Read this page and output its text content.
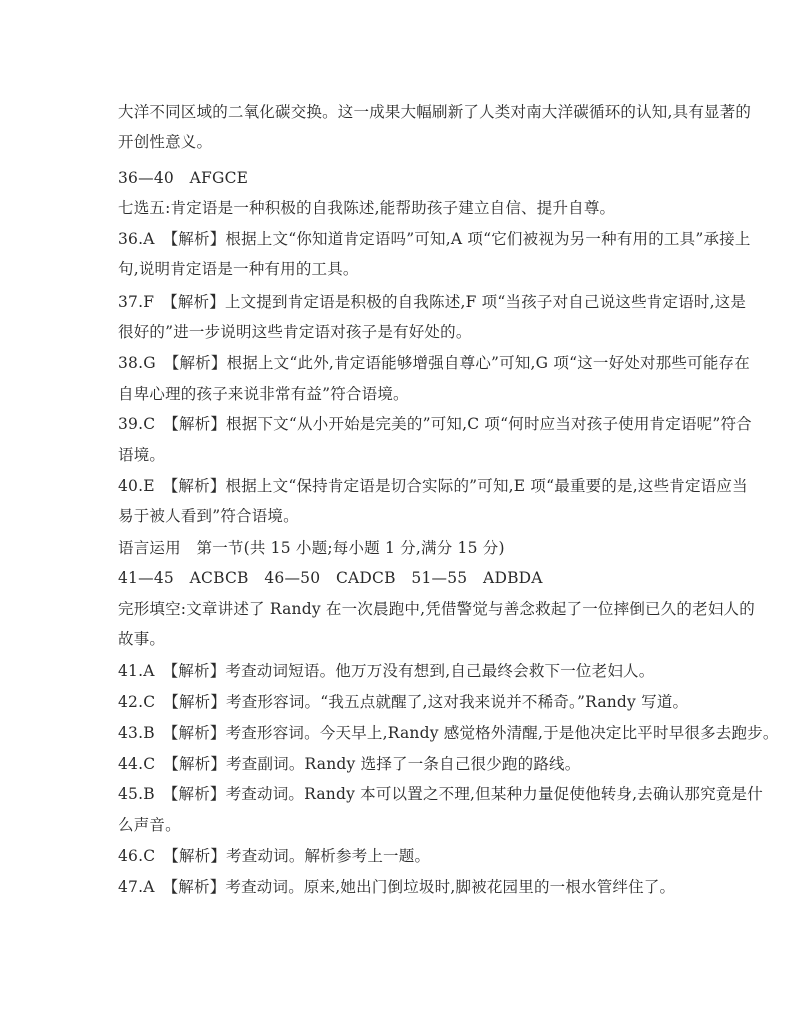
大洋不同区域的二氧化碳交换。这一成果大幅刷新了人类对南大洋碳循环的认知,具有显著的
开创性意义。
36—40　AFGCE
七选五:肯定语是一种积极的自我陈述,能帮助孩子建立自信、提升自尊。
36.A　【解析】根据上文“你知道肯定语吗”可知,A 项“它们被视为另一种有用的工具”承接上
句,说明肯定语是一种有用的工具。
37.F　【解析】上文提到肯定语是积极的自我陈述,F 项“当孩子对自己说这些肯定语时,这是
很好的”进一步说明这些肯定语对孩子是有好处的。
38.G　【解析】根据上文“此外,肯定语能够增强自尊心”可知,G 项“这一好处对那些可能存在
自卑心理的孩子来说非常有益”符合语境。
39.C　【解析】根据下文“从小开始是完美的”可知,C 项“何时应当对孩子使用肯定语呢”符合
语境。
40.E　【解析】根据上文“保持肯定语是切合实际的”可知,E 项“最重要的是,这些肯定语应当
易于被人看到”符合语境。
语言运用　第一节(共 15 小题;每小题 1 分,满分 15 分)
41—45　ACBCB　46—50　CADCB　51—55　ADBDA
完形填空:文章讲述了 Randy 在一次晨跑中,凭借警觉与善念救起了一位摔倒已久的老妇人的
故事。
41.A　【解析】考查动词短语。他万万没有想到,自己最终会救下一位老妇人。
42.C　【解析】考查形容词。“我五点就醒了,这对我来说并不稀奇。”Randy 写道。
43.B　【解析】考查形容词。今天早上,Randy 感觉格外清醒,于是他决定比平时早很多去跑步。
44.C　【解析】考查副词。Randy 选择了一条自己很少跑的路线。
45.B　【解析】考查动词。Randy 本可以置之不理,但某种力量促使他转身,去确认那究竟是什
么声音。
46.C　【解析】考查动词。解析参考上一题。
47.A　【解析】考查动词。原来,她出门倒垃圾时,脚被花园里的一根水管绊住了。
